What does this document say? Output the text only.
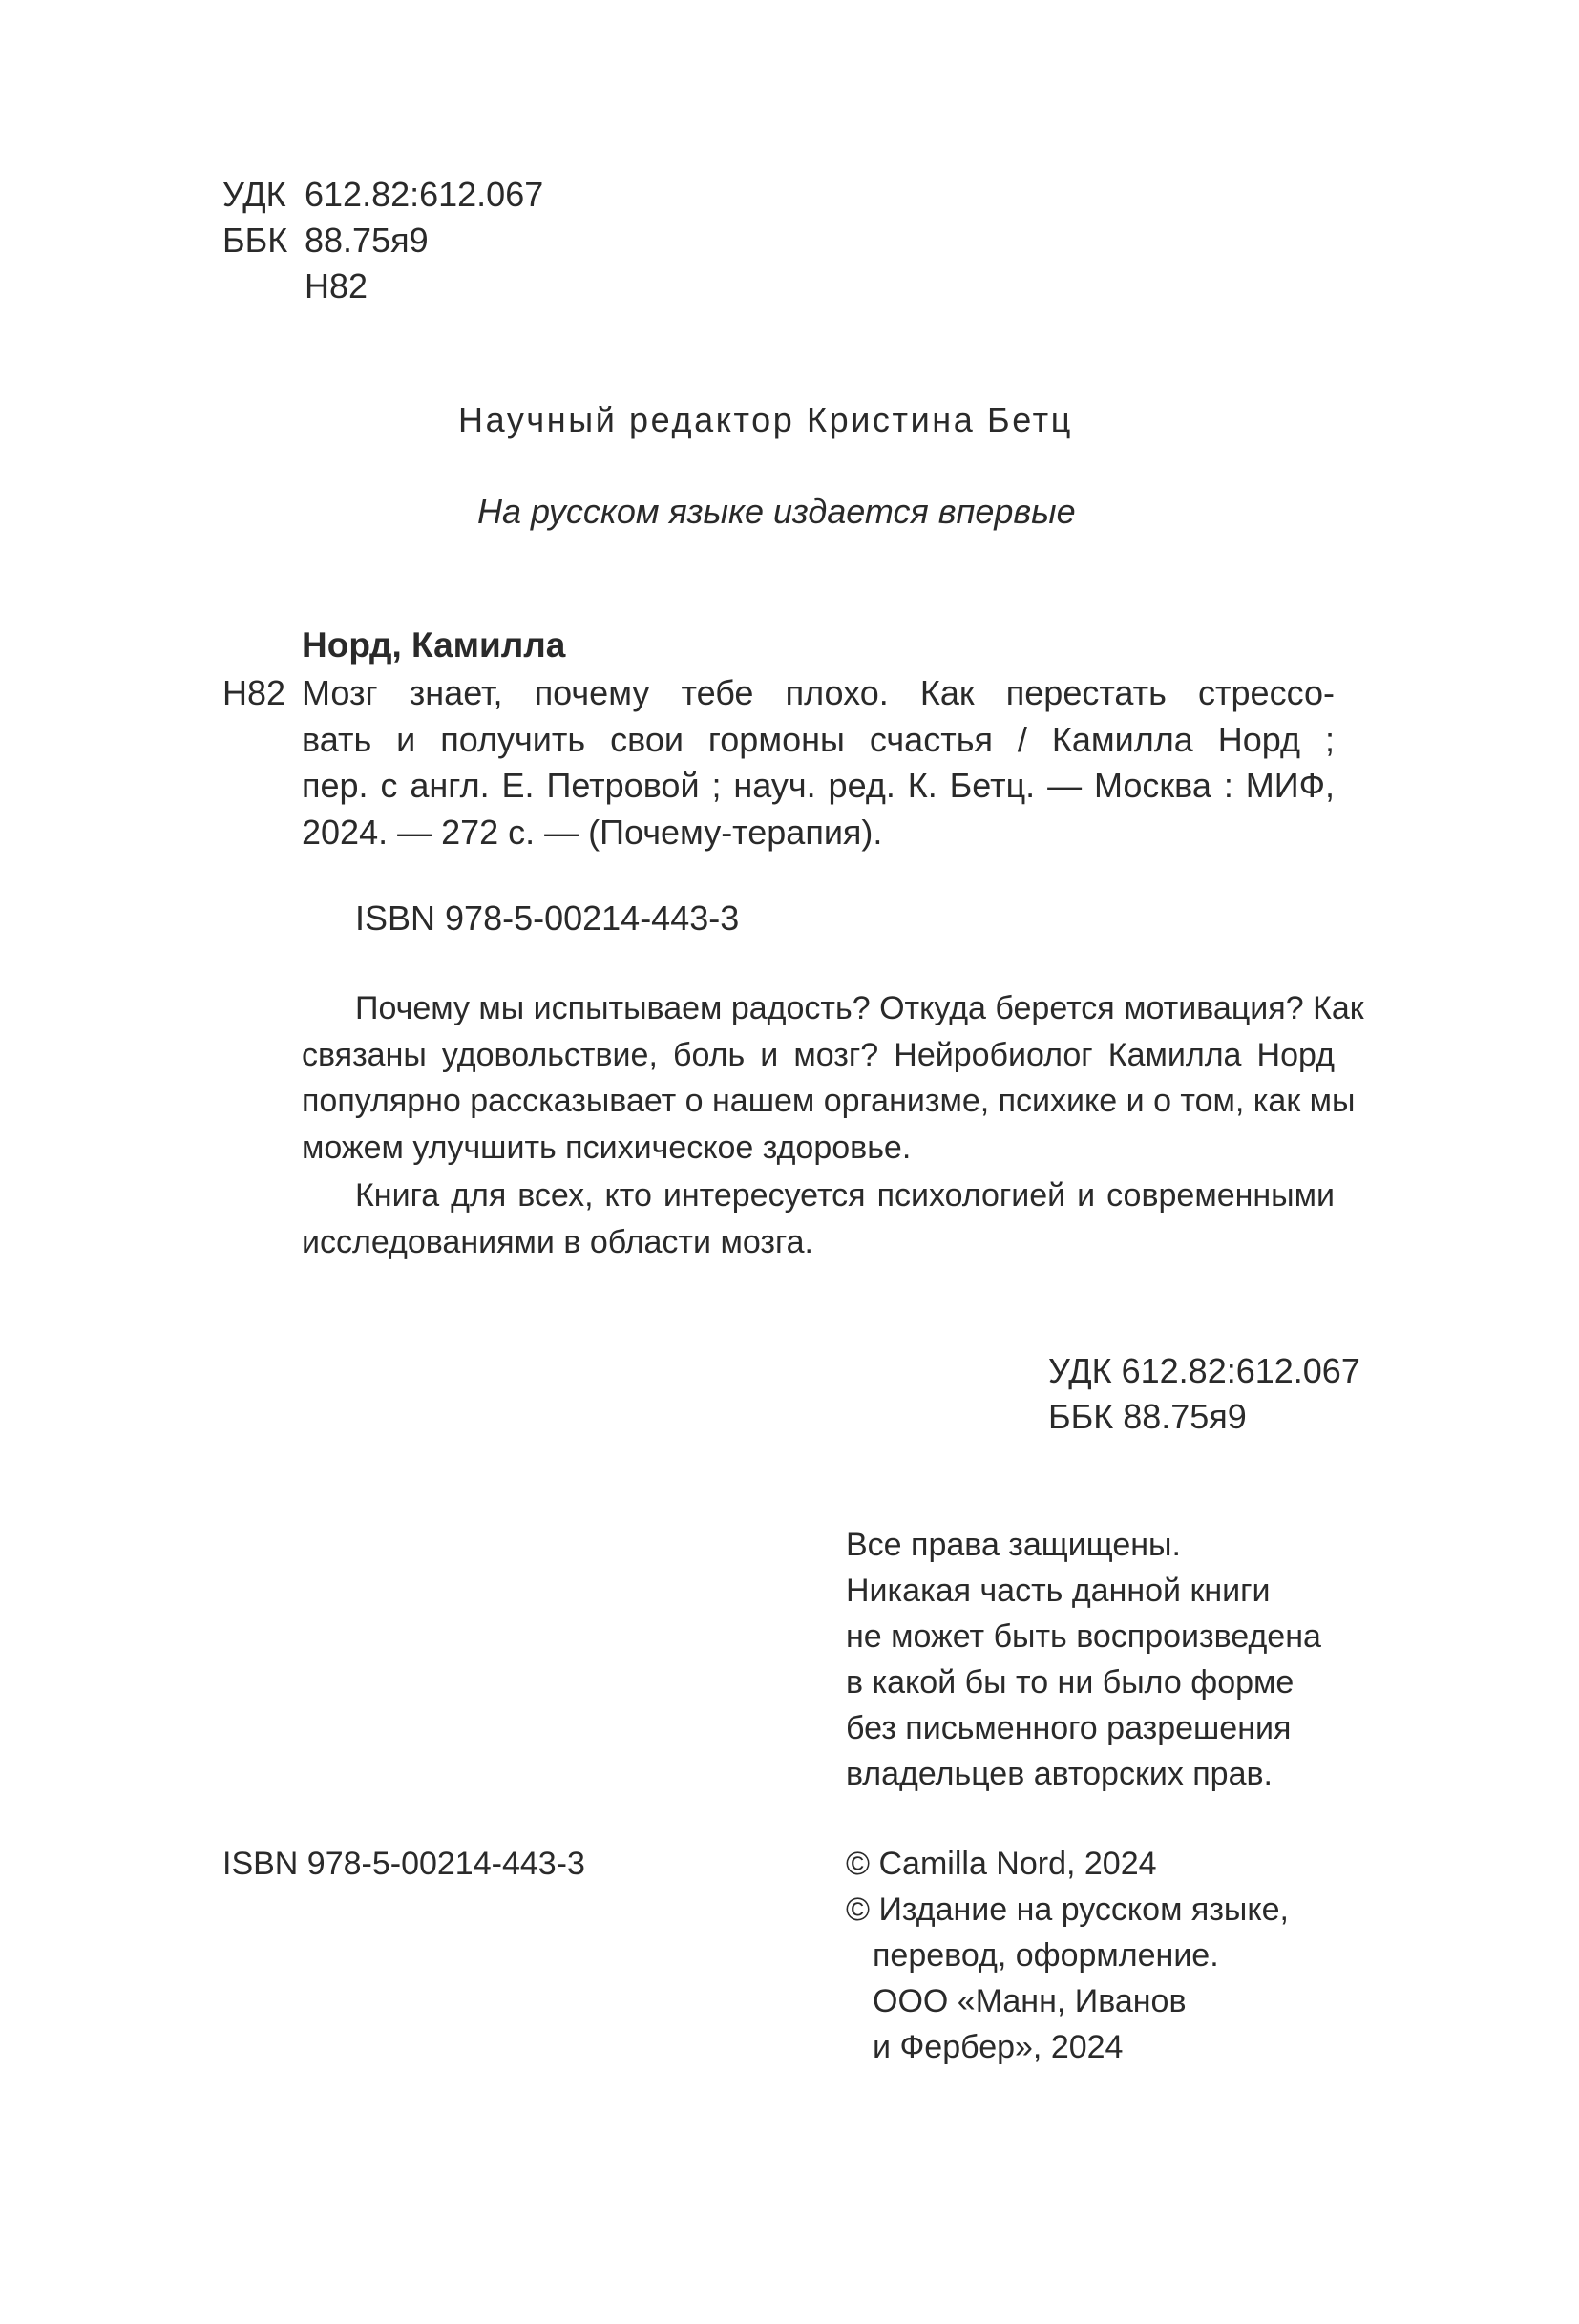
УДК 612.82:612.067
ББК 88.75я9
Н82
Научный редактор Кристина Бетц
На русском языке издается впервые
Норд, Камилла
Н82 Мозг знает, почему тебе плохо. Как перестать стрессо-
вать и получить свои гормоны счастья / Камилла Норд ;
пер. с англ. Е. Петровой ; науч. ред. К. Бетц. — Москва : МИФ,
2024. — 272 с. — (Почему-терапия).
ISBN 978-5-00214-443-3
Почему мы испытываем радость? Откуда берется мотивация? Как
связаны удовольствие, боль и мозг? Нейробиолог Камилла Норд
популярно рассказывает о нашем организме, психике и о том, как мы
можем улучшить психическое здоровье.
Книга для всех, кто интересуется психологией и современными
исследованиями в области мозга.
УДК 612.82:612.067
ББК 88.75я9
Все права защищены.
Никакая часть данной книги
не может быть воспроизведена
в какой бы то ни было форме
без письменного разрешения
владельцев авторских прав.
ISBN 978-5-00214-443-3	© Camilla Nord, 2024
© Издание на русском языке,
перевод, оформление.
ООО «Манн, Иванов
и Фербер», 2024
